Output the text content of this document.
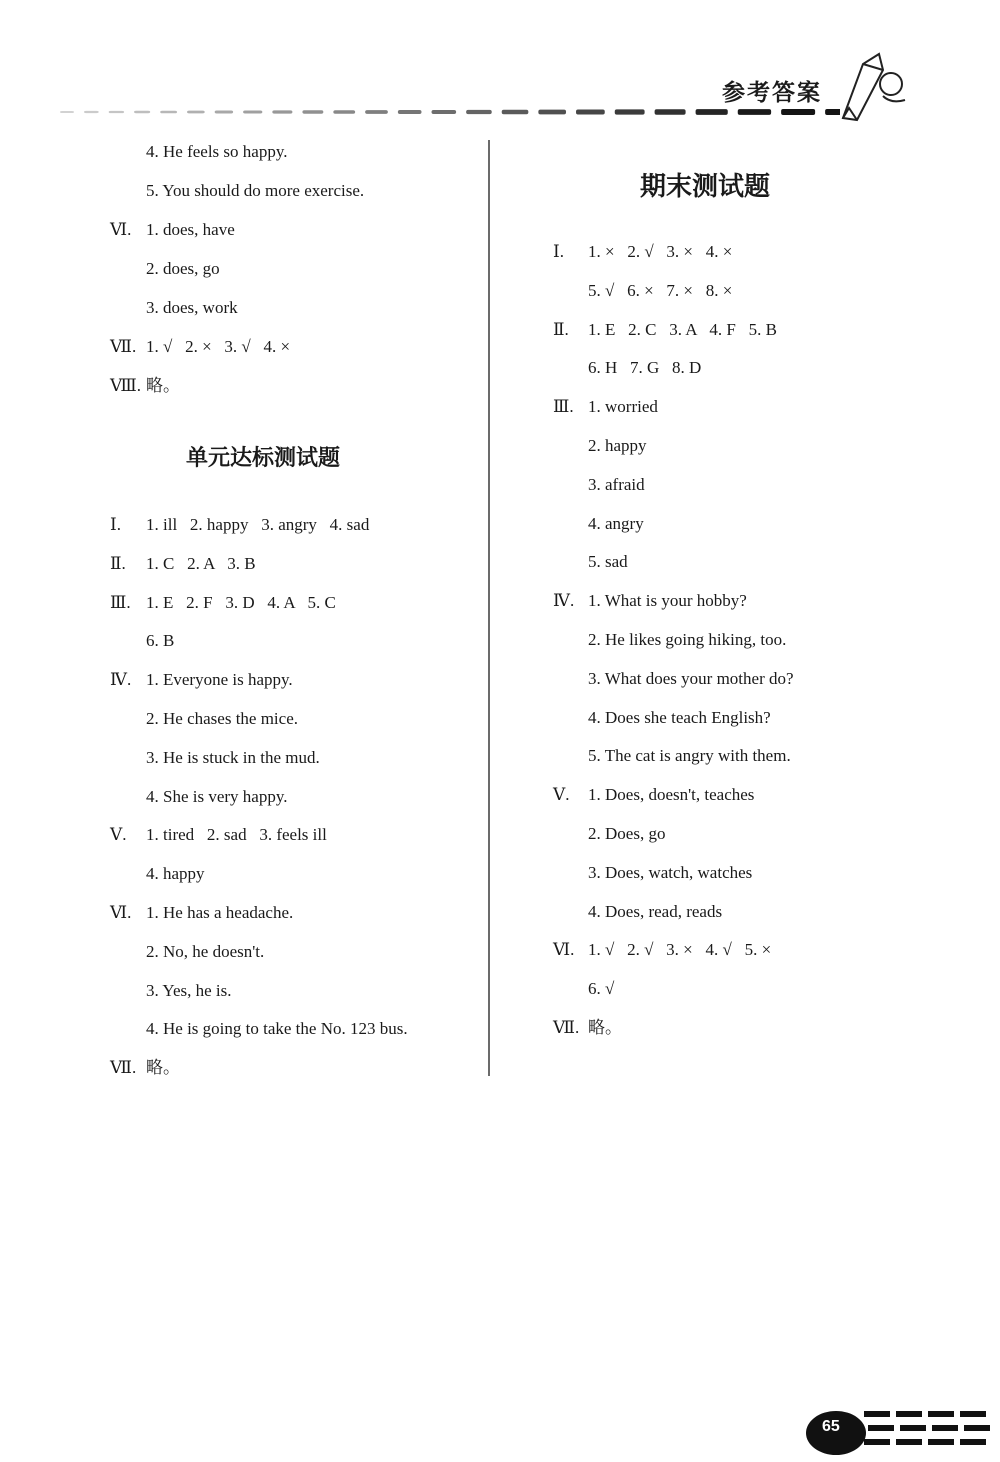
参考答案
4. He feels so happy.
5. You should do more exercise.
Ⅵ. 1. does, have
2. does, go
3. does, work
Ⅶ. 1. √   2. ×   3. √   4. ×
Ⅷ. 略。
单元达标测试题
Ⅰ. 1. ill   2. happy   3. angry   4. sad
Ⅱ. 1. C   2. A   3. B
Ⅲ. 1. E   2. F   3. D   4. A   5. C
6. B
Ⅳ. 1. Everyone is happy.
2. He chases the mice.
3. He is stuck in the mud.
4. She is very happy.
Ⅴ. 1. tired   2. sad   3. feels ill
4. happy
Ⅵ. 1. He has a headache.
2. No, he doesn't.
3. Yes, he is.
4. He is going to take the No. 123 bus.
Ⅶ. 略。
期末测试题
Ⅰ. 1. ×   2. √   3. ×   4. ×
5. √   6. ×   7. ×   8. ×
Ⅱ. 1. E   2. C   3. A   4. F   5. B
6. H   7. G   8. D
Ⅲ. 1. worried
2. happy
3. afraid
4. angry
5. sad
Ⅳ. 1. What is your hobby?
2. He likes going hiking, too.
3. What does your mother do?
4. Does she teach English?
5. The cat is angry with them.
Ⅴ. 1. Does, doesn't, teaches
2. Does, go
3. Does, watch, watches
4. Does, read, reads
Ⅵ. 1. √   2. √   3. ×   4. √   5. ×
6. √
Ⅶ. 略。
65
